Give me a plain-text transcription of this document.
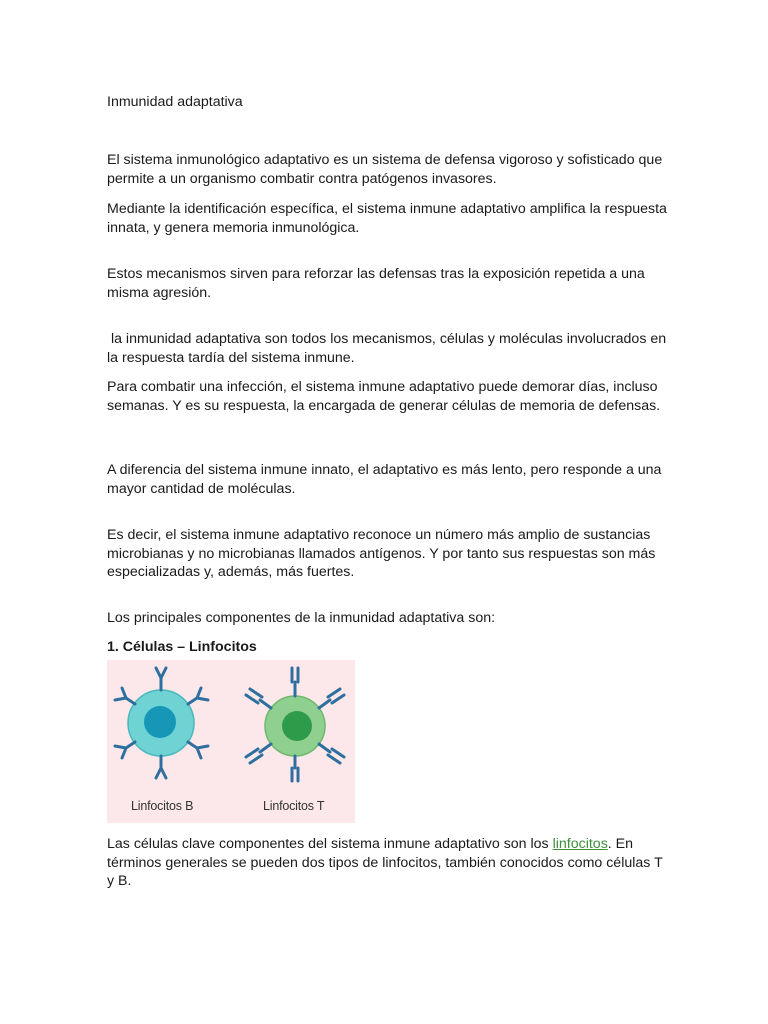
Inmunidad adaptativa

El sistema inmunológico adaptativo es un sistema de defensa vigoroso y sofisticado que permite a un organismo combatir contra patógenos invasores.

Mediante la identificación específica, el sistema inmune adaptativo amplifica la respuesta innata, y genera memoria inmunológica.

Estos mecanismos sirven para reforzar las defensas tras la exposición repetida a una misma agresión.

la inmunidad adaptativa son todos los mecanismos, células y moléculas involucrados en la respuesta tardía del sistema inmune.

Para combatir una infección, el sistema inmune adaptativo puede demorar días, incluso semanas. Y es su respuesta, la encargada de generar células de memoria de defensas.

A diferencia del sistema inmune innato, el adaptativo es más lento, pero responde a una mayor cantidad de moléculas.

Es decir, el sistema inmune adaptativo reconoce un número más amplio de sustancias microbianas y no microbianas llamados antígenos. Y por tanto sus respuestas son más especializadas y, además, más fuertes.

Los principales componentes de la inmunidad adaptativa son:

1. Células – Linfocitos

Linfocitos B	Linfocitos T

Las células clave componentes del sistema inmune adaptativo son los linfocitos. En términos generales se pueden dos tipos de linfocitos, también conocidos como células T y B.
